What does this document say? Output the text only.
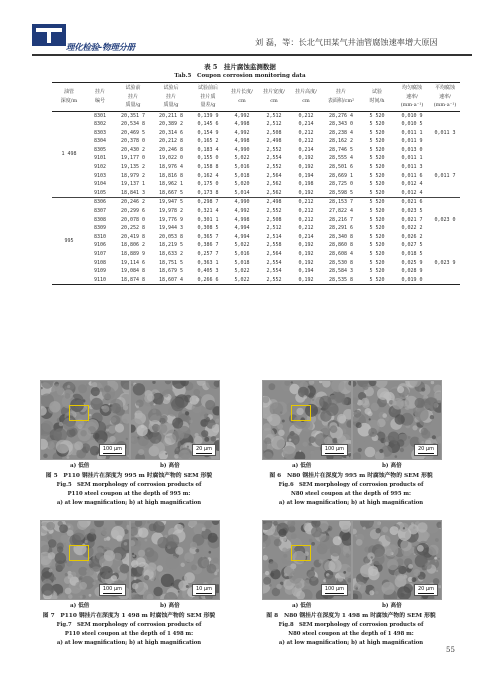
理化检验-物理分册
刘 磊，等：长北气田某气井油管腐蚀速率增大原因
表 5　挂片腐蚀监测数据
Tab.5　Coupon corrosion monitoring data
油管
深度/m	挂片
编号	试验前
挂片
质量/g	试验后
挂片
质量/g	试验前后
挂片质
量差/g	挂片长度/
cm	挂片宽度/
cm	挂片高度/
cm	挂片
表面积/cm²	试验
时间/h	均匀腐蚀
速率/
(mm·a⁻¹)	平均腐蚀
速率/
(mm·a⁻¹)
1 498	8301	20,351 7	20,211 8	0,139 9	4,992	2,512	0,212	28,276 4	5 520	0,010 9	0,011 3
	8302	20,534 8	20,389 2	0,145 6	4,998	2,512	0,214	28,343 0	5 520	0,010 5	
	8303	20,469 5	20,314 6	0,154 9	4,992	2,508	0,212	28,238 4	5 520	0,011 1	
	8304	20,378 0	20,212 8	0,165 2	4,998	2,498	0,212	28,162 2	5 520	0,011 9	
	8305	20,430 2	20,246 8	0,183 4	4,990	2,552	0,214	28,746 5	5 520	0,013 0	
	9101	19,177 0	19,022 0	0,155 0	5,022	2,554	0,192	28,555 4	5 520	0,011 1	0,011 7
	9102	19,135 2	18,976 4	0,158 8	5,016	2,552	0,192	28,501 6	5 520	0,011 3	
	9103	18,979 2	18,816 8	0,162 4	5,018	2,564	0,194	28,669 1	5 520	0,011 6	
	9104	19,137 1	18,962 1	0,175 0	5,020	2,562	0,198	28,725 0	5 520	0,012 4	
	9105	18,841 3	18,667 5	0,173 8	5,014	2,562	0,192	28,598 5	5 520	0,012 4	
995	8306	20,246 2	19,947 5	0,298 7	4,990	2,498	0,212	28,153 7	5 520	0,021 6	0,023 0
	8307	20,299 6	19,978 2	0,321 4	4,992	2,552	0,212	27,822 4	5 520	0,023 5	
	8308	20,078 0	19,776 9	0,301 1	4,998	2,508	0,212	28,216 7	5 520	0,021 7	
	8309	20,252 8	19,944 3	0,308 5	4,994	2,512	0,212	28,291 6	5 520	0,022 2	
	8310	20,419 8	20,053 8	0,365 7	4,994	2,514	0,214	28,340 8	5 520	0,026 2	
	9106	18,806 2	18,219 5	0,386 7	5,022	2,558	0,192	28,860 8	5 520	0,027 5	0,023 9
	9107	18,889 9	18,633 2	0,257 7	5,016	2,564	0,192	28,608 4	5 520	0,018 5	
	9108	19,114 6	18,751 5	0,363 1	5,018	2,554	0,192	28,530 8	5 520	0,025 9	
	9109	19,084 8	18,679 5	0,405 3	5,022	2,554	0,194	28,584 3	5 520	0,028 9	
	9110	18,874 8	18,607 4	0,266 6	5,022	2,552	0,192	28,535 8	5 520	0,019 0	
100 μm	20 μm
a) 低倍	b) 高倍
图 5　P110 钢挂片在深度为 995 m 时腐蚀产物的 SEM 形貌
Fig.5　SEM morphology of corrosion products of
P110 steel coupon at the depth of 995 m:
a) at low magnification; b) at high magnification
100 μm	20 μm
a) 低倍	b) 高倍
图 6　N80 钢挂片在深度为 995 m 时腐蚀产物的 SEM 形貌
Fig.6　SEM morphology of corrosion products of
N80 steel coupon at the depth of 995 m:
a) at low magnification; b) at high magnification
100 μm	10 μm
a) 低倍	b) 高倍
图 7　P110 钢挂片在深度为 1 498 m 时腐蚀产物的 SEM 形貌
Fig.7　SEM morphology of corrosion products of
P110 steel coupon at the depth of 1 498 m:
a) at low magnification; b) at high magnification
100 μm	20 μm
a) 低倍	b) 高倍
图 8　N80 钢挂片在深度为 1 498 m 时腐蚀产物的 SEM 形貌
Fig.8　SEM morphology of corrosion products of
N80 steel coupon at the depth of 1 498 m:
a) at low magnification; b) at high magnification
55
